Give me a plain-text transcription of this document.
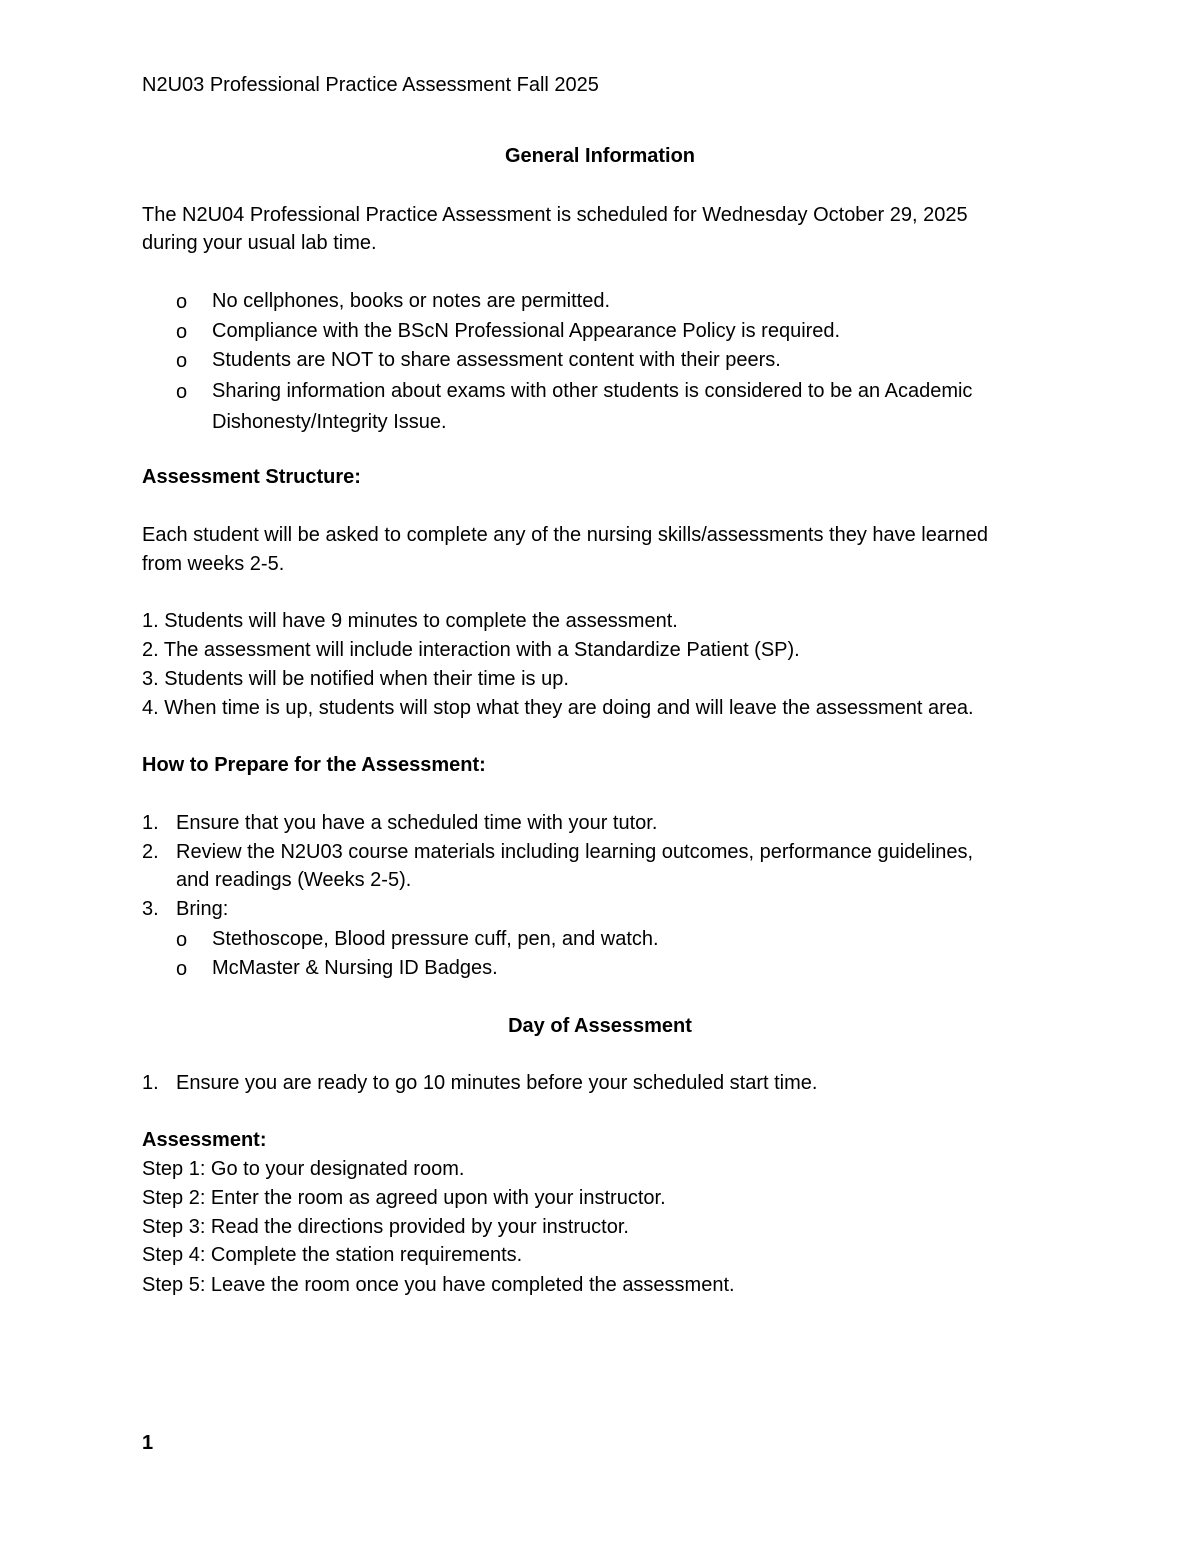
N2U03 Professional Practice Assessment Fall 2025
General Information
The N2U04 Professional Practice Assessment is scheduled for Wednesday October 29, 2025
during your usual lab time.
o No cellphones, books or notes are permitted.
o Compliance with the BScN Professional Appearance Policy is required.
o Students are NOT to share assessment content with their peers.
o Sharing information about exams with other students is considered to be an Academic
Dishonesty/Integrity Issue.
Assessment Structure:
Each student will be asked to complete any of the nursing skills/assessments they have learned
from weeks 2-5.
1. Students will have 9 minutes to complete the assessment.
2. The assessment will include interaction with a Standardize Patient (SP).
3. Students will be notified when their time is up.
4. When time is up, students will stop what they are doing and will leave the assessment area.
How to Prepare for the Assessment:
1. Ensure that you have a scheduled time with your tutor.
2. Review the N2U03 course materials including learning outcomes, performance guidelines,
and readings (Weeks 2-5).
3. Bring:
o Stethoscope, Blood pressure cuff, pen, and watch.
o McMaster & Nursing ID Badges.
Day of Assessment
1. Ensure you are ready to go 10 minutes before your scheduled start time.
Assessment:
Step 1: Go to your designated room.
Step 2: Enter the room as agreed upon with your instructor.
Step 3: Read the directions provided by your instructor.
Step 4: Complete the station requirements.
Step 5: Leave the room once you have completed the assessment.
1
